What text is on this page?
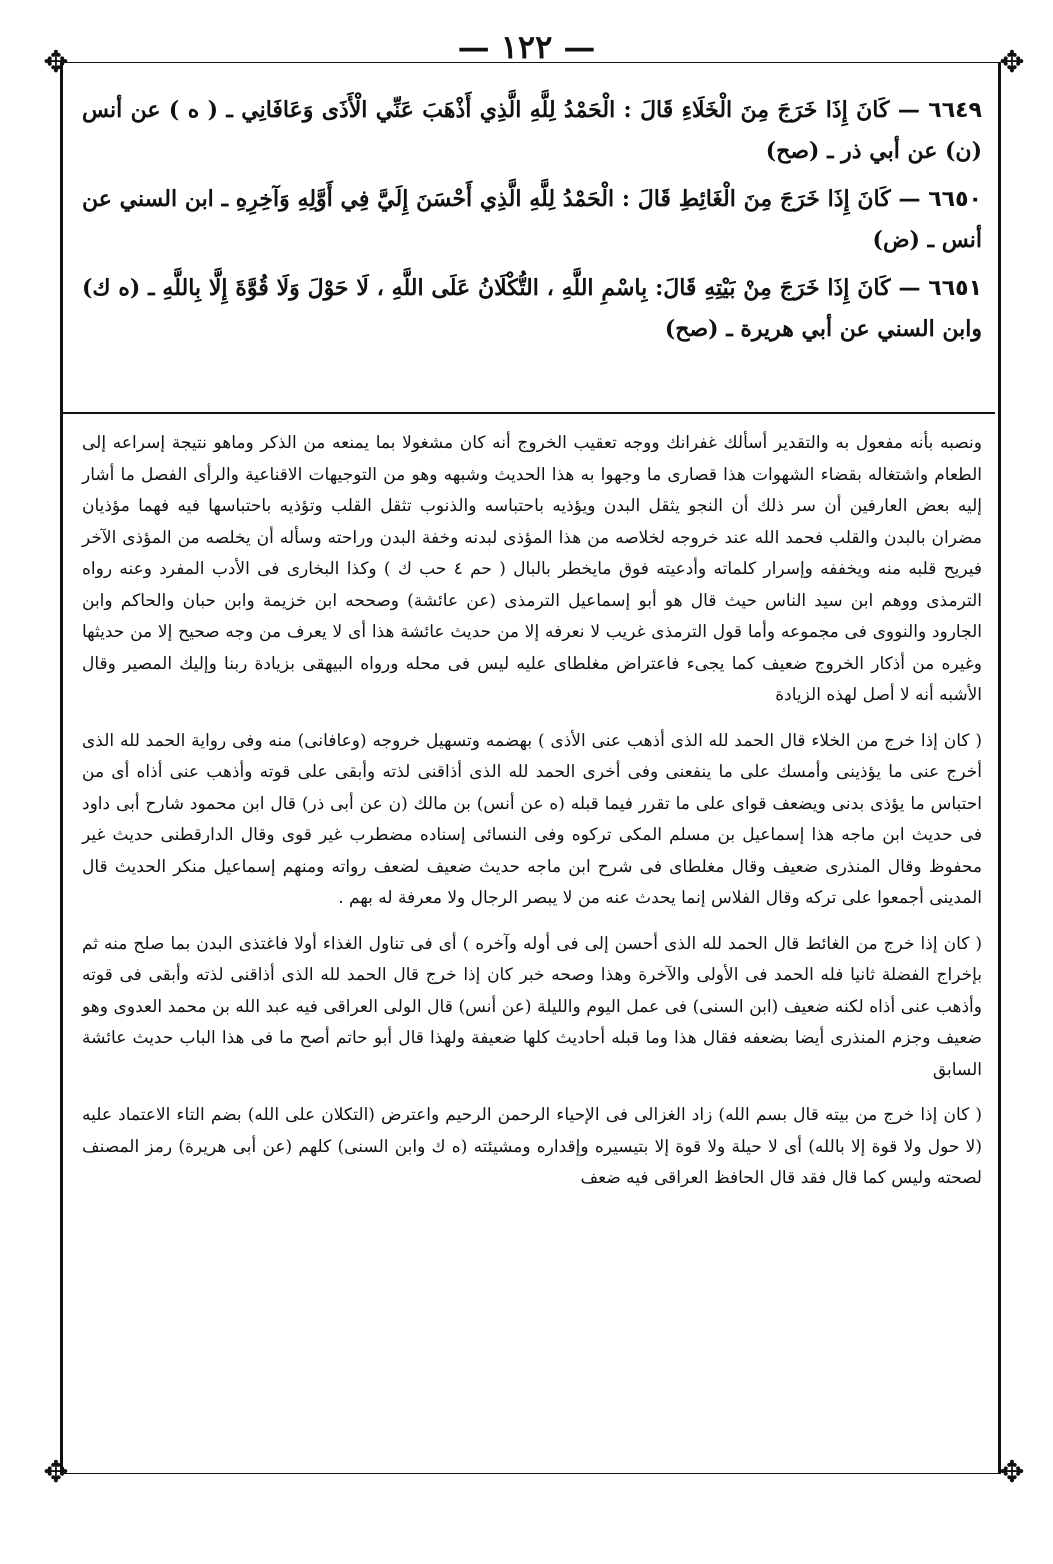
— ١٢٢ —
✥	✥
✥	✥

٦٦٤٩ — كَانَ إِذَا خَرَجَ مِنَ الْخَلَاءِ قَالَ : الْحَمْدُ لِلَّهِ الَّذِي أَذْهَبَ عَنِّي الْأَذَى وَعَافَانِي ـ ( ه ) عن أنس (ن) عن أبي ذر ـ (صح)

٦٦٥٠ — كَانَ إِذَا خَرَجَ مِنَ الْغَائِطِ قَالَ : الْحَمْدُ لِلَّهِ الَّذِي أَحْسَنَ إِلَيَّ فِي أَوَّلِهِ وَآخِرِهِ ـ ابن السني عن أنس ـ (ض)

٦٦٥١ — كَانَ إِذَا خَرَجَ مِنْ بَيْتِهِ قَالَ: بِاسْمِ اللَّهِ ، التُّكْلَانُ عَلَى اللَّهِ ، لَا حَوْلَ وَلَا قُوَّةَ إِلَّا بِاللَّهِ ـ (ه ك) وابن السني عن أبي هريرة ـ (صح)

ونصبه بأنه مفعول به والتقدير أسألك غفرانك ووجه تعقيب الخروج أنه كان مشغولا بما يمنعه من الذكر وماهو نتيجة إسراعه إلى الطعام واشتغاله بقضاء الشهوات هذا قصارى ما وجهوا به هذا الحديث وشبهه وهو من التوجيهات الاقناعية والرأى الفصل ما أشار إليه بعض العارفين أن سر ذلك أن النجو يثقل البدن ويؤذيه باحتباسه والذنوب تثقل القلب وتؤذيه باحتباسها فيه فهما مؤذيان مضران بالبدن والقلب فحمد الله عند خروجه لخلاصه من هذا المؤذى لبدنه وخفة البدن وراحته وسأله أن يخلصه من المؤذى الآخر فيريح قلبه منه ويخففه وإسرار كلماته وأدعيته فوق مايخطر بالبال ( حم ٤ حب ك ) وكذا البخارى فى الأدب المفرد وعنه رواه الترمذى ووهم ابن سيد الناس حيث قال هو أبو إسماعيل الترمذى (عن عائشة) وصححه ابن خزيمة وابن حبان والحاكم وابن الجارود والنووى فى مجموعه وأما قول الترمذى غريب لا نعرفه إلا من حديث عائشة هذا أى لا يعرف من وجه صحيح إلا من حديثها وغيره من أذكار الخروج ضعيف كما يجىء فاعتراض مغلطاى عليه ليس فى محله ورواه البيهقى بزيادة ربنا وإليك المصير وقال الأشبه أنه لا أصل لهذه الزيادة

( كان إذا خرج من الخلاء قال الحمد لله الذى أذهب عنى الأذى ) بهضمه وتسهيل خروجه (وعافانى) منه وفى رواية الحمد لله الذى أخرج عنى ما يؤذينى وأمسك على ما ينفعنى وفى أخرى الحمد لله الذى أذاقنى لذته وأبقى على قوته وأذهب عنى أذاه أى من احتباس ما يؤذى بدنى ويضعف قواى على ما تقرر فيما قبله (ه عن أنس) بن مالك (ن عن أبى ذر) قال ابن محمود شارح أبى داود فى حديث ابن ماجه هذا إسماعيل بن مسلم المكى تركوه وفى النسائى إسناده مضطرب غير قوى وقال الدارقطنى حديث غير محفوظ وقال المنذرى ضعيف وقال مغلطاى فى شرح ابن ماجه حديث ضعيف لضعف رواته ومنهم إسماعيل منكر الحديث قال المدينى أجمعوا على تركه وقال الفلاس إنما يحدث عنه من لا يبصر الرجال ولا معرفة له بهم .

( كان إذا خرج من الغائط قال الحمد لله الذى أحسن إلى فى أوله وآخره ) أى فى تناول الغذاء أولا فاغتذى البدن بما صلح منه ثم بإخراج الفضلة ثانيا فله الحمد فى الأولى والآخرة وهذا وصحه خبر كان إذا خرج قال الحمد لله الذى أذاقنى لذته وأبقى فى قوته وأذهب عنى أذاه لكنه ضعيف (ابن السنى) فى عمل اليوم والليلة (عن أنس) قال الولى العراقى فيه عبد الله بن محمد العدوى وهو ضعيف وجزم المنذرى أيضا بضعفه فقال هذا وما قبله أحاديث كلها ضعيفة ولهذا قال أبو حاتم أصح ما فى هذا الباب حديث عائشة السابق

( كان إذا خرج من بيته قال بسم الله) زاد الغزالى فى الإحياء الرحمن الرحيم واعترض (التكلان على الله) بضم التاء الاعتماد عليه (لا حول ولا قوة إلا بالله) أى لا حيلة ولا قوة إلا بتيسيره وإقداره ومشيئته (ه ك وابن السنى) كلهم (عن أبى هريرة) رمز المصنف لصحته وليس كما قال فقد قال الحافظ العراقى فيه ضعف
